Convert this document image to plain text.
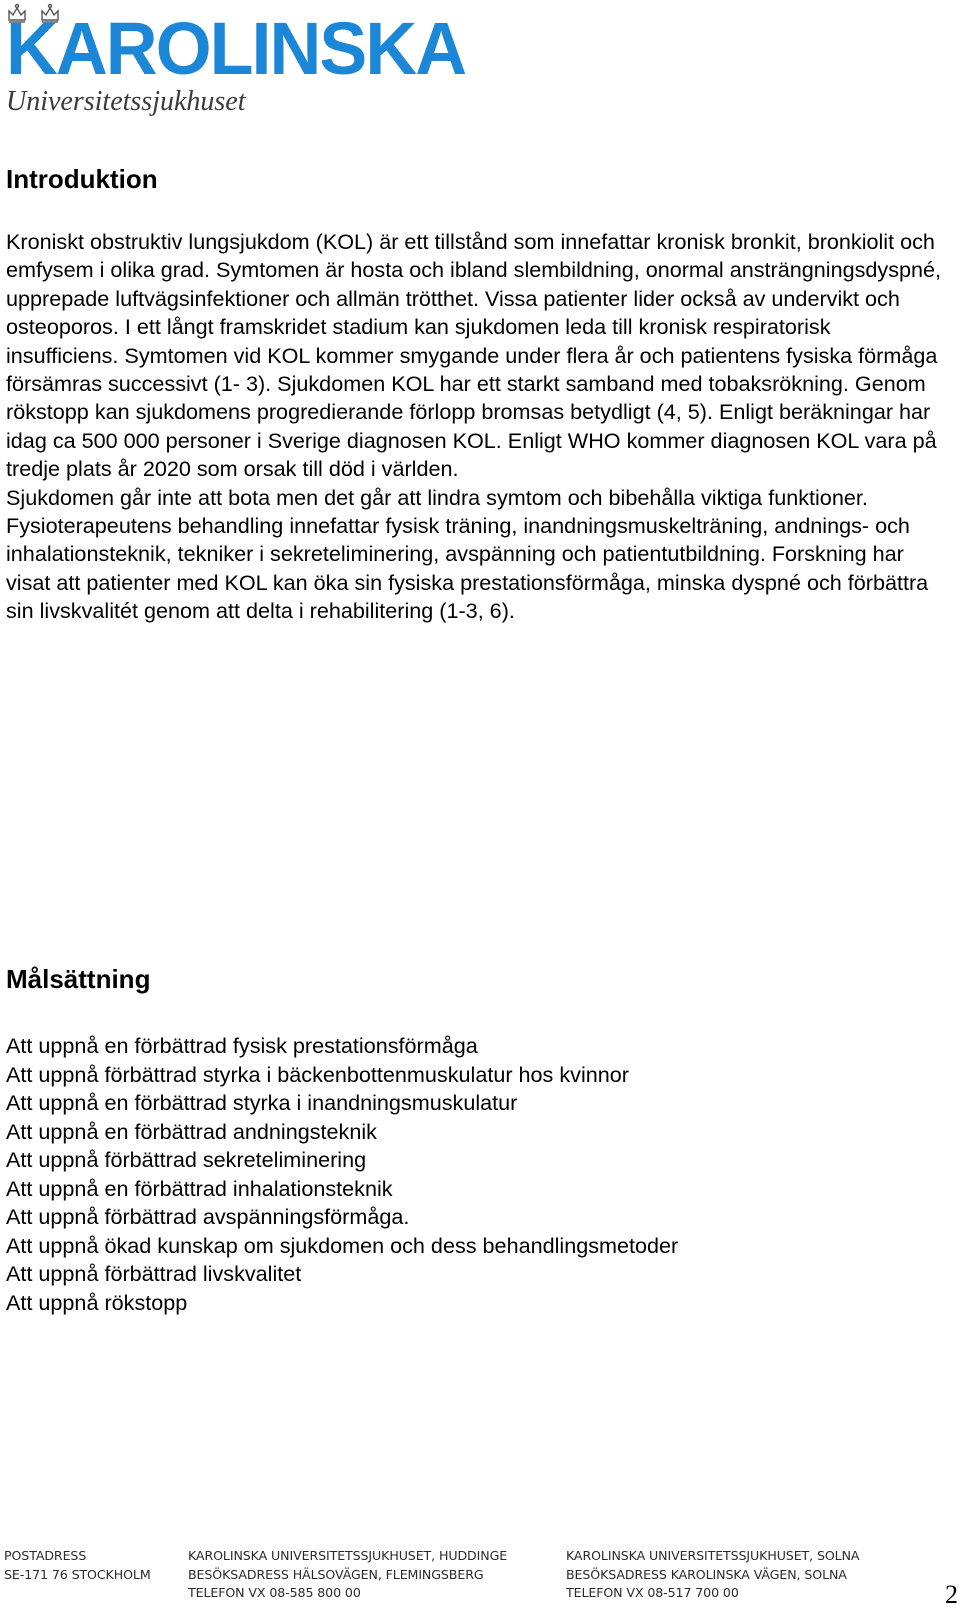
KAROLINSKA
Universitetssjukhuset
Introduktion

Kroniskt obstruktiv lungsjukdom (KOL) är ett tillstånd som innefattar kronisk bronkit, bronkiolit och emfysem i olika grad. Symtomen är hosta och ibland slembildning, onormal ansträngningsdyspné, upprepade luftvägsinfektioner och allmän trötthet. Vissa patienter lider också av undervikt och osteoporos. I ett långt framskridet stadium kan sjukdomen leda till kronisk respiratorisk insufficiens. Symtomen vid KOL kommer smygande under flera år och patientens fysiska förmåga försämras successivt (1- 3). Sjukdomen KOL har ett starkt samband med tobaksrökning. Genom rökstopp kan sjukdomens progredierande förlopp bromsas betydligt (4, 5). Enligt beräkningar har idag ca 500 000 personer i Sverige diagnosen KOL. Enligt WHO kommer diagnosen KOL vara på tredje plats år 2020 som orsak till död i världen.

Sjukdomen går inte att bota men det går att lindra symtom och bibehålla viktiga funktioner. Fysioterapeutens behandling innefattar fysisk träning, inandningsmuskelträning, andnings- och inhalationsteknik, tekniker i sekreteliminering, avspänning och patientutbildning. Forskning har visat att patienter med KOL kan öka sin fysiska prestationsförmåga, minska dyspné och förbättra sin livskvalitét genom att delta i rehabilitering (1-3, 6).

Målsättning
Att uppnå en förbättrad fysisk prestationsförmåga
Att uppnå förbättrad styrka i bäckenbottenmuskulatur hos kvinnor
Att uppnå en förbättrad styrka i inandningsmuskulatur
Att uppnå en förbättrad andningsteknik
Att uppnå förbättrad sekreteliminering
Att uppnå en förbättrad inhalationsteknik
Att uppnå förbättrad avspänningsförmåga.
Att uppnå ökad kunskap om sjukdomen och dess behandlingsmetoder
Att uppnå förbättrad livskvalitet
Att uppnå rökstopp
POSTADRESS
SE-171 76 STOCKHOLM
KAROLINSKA UNIVERSITETSSJUKHUSET, HUDDINGE
BESÖKSADRESS HÄLSOVÄGEN, FLEMINGSBERG
TELEFON VX 08-585 800 00
KAROLINSKA UNIVERSITETSSJUKHUSET, SOLNA
BESÖKSADRESS KAROLINSKA VÄGEN, SOLNA
TELEFON VX 08-517 700 00	2
